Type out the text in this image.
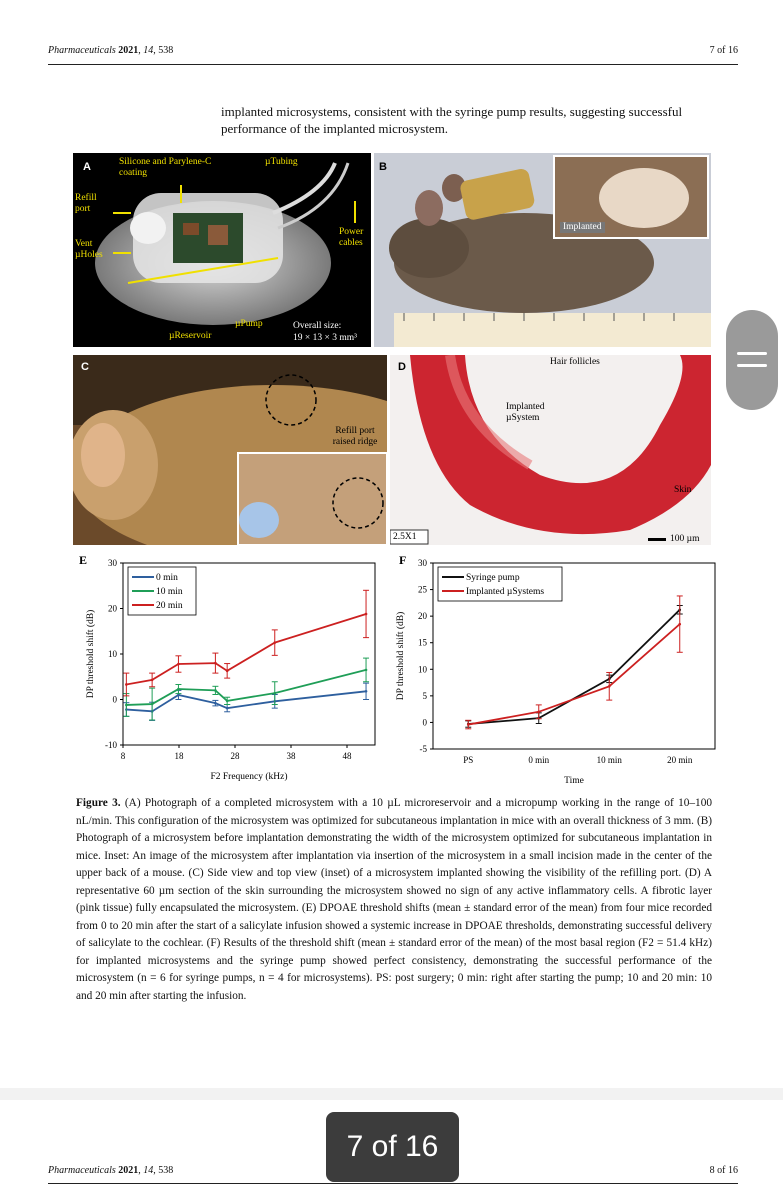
Pharmaceuticals 2021, 14, 538	7 of 16
implanted microsystems, consistent with the syringe pump results, suggesting successful performance of the implanted microsystem.
A	Silicone and Parylene-C coating
µTubing
Refill port
Vent µHoles
Power cables
µReservoir
µPump	Overall size:
19 × 13 × 3 mm³
B
Implanted
C
Refill port raised ridge
D	Hair follicles
Implanted µSystem
Skin
2.5X1	100 µm
8	18	28	38	48
E
-10
0
10
20
30
DP threshold shift (dB)
F2 Frequency (kHz)
0 min
10 min
20 min
PS	0 min	10 min	20 min
F
-5
0
5
10
15
20
25
30
DP threshold shift (dB)
Time
Syringe pump
Implanted µSystems
Figure 3. (A) Photograph of a completed microsystem with a 10 µL microreservoir and a micropump working in the range of 10–100 nL/min. This configuration of the microsystem was optimized for subcutaneous implantation in mice with an overall thickness of 3 mm. (B) Photograph of a microsystem before implantation demonstrating the width of the microsystem optimized for subcutaneous implantation in mice. Inset: An image of the microsystem after implantation via insertion of the microsystem in a small incision made in the center of the upper back of a mouse. (C) Side view and top view (inset) of a microsystem implanted showing the visibility of the refilling port. (D) A representative 60 µm section of the skin surrounding the microsystem showed no sign of any active inflammatory cells. A fibrotic layer (pink tissue) fully encapsulated the microsystem. (E) DPOAE threshold shifts (mean ± standard error of the mean) from four mice recorded from 0 to 20 min after the start of a salicylate infusion showed a systemic increase in DPOAE thresholds, demonstrating successful delivery of salicylate to the cochlear. (F) Results of the threshold shift (mean ± standard error of the mean) of the most basal region (F2 = 51.4 kHz) for implanted microsystems and the syringe pump showed perfect consistency, demonstrating the successful performance of the microsystem (n = 6 for syringe pumps, n = 4 for microsystems). PS: post surgery; 0 min: right after starting the pump; 10 and 20 min: 10 and 20 min after starting the infusion.
Pharmaceuticals 2021, 14, 538	8 of 16
7 of 16
